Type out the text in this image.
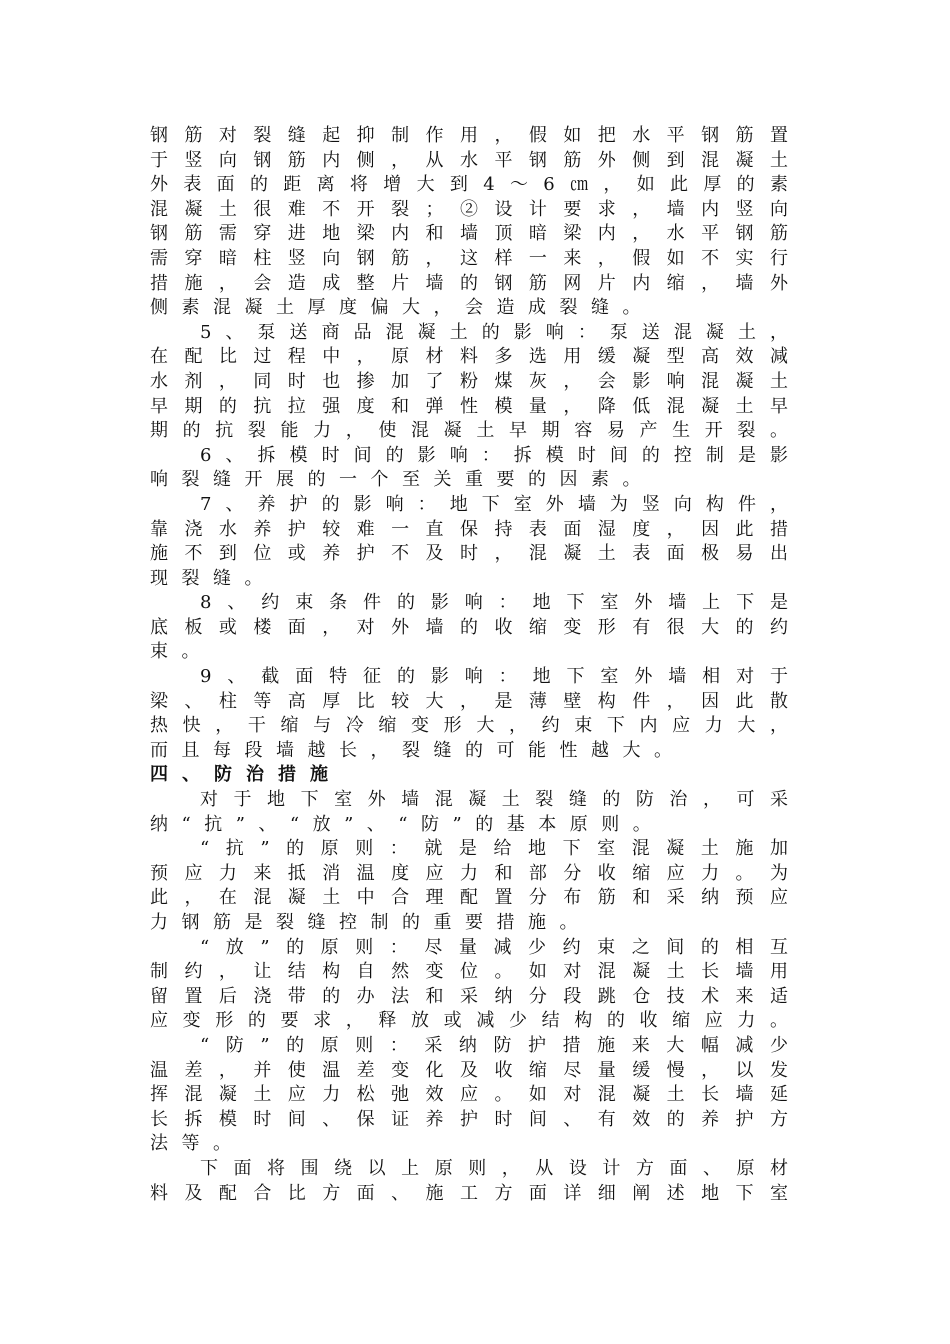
钢筋对裂缝起抑制作用，假如把水平钢筋置
于竖向钢筋内侧，从水平钢筋外侧到混凝土
外表面的距离将增大到4～6㎝，如此厚的素
混凝土很难不开裂；②设计要求，墙内竖向
钢筋需穿进地梁内和墙顶暗梁内，水平钢筋
需穿暗柱竖向钢筋，这样一来，假如不实行
措施，会造成整片墙的钢筋网片内缩，墙外
侧素混凝土厚度偏大，会造成裂缝。
5、泵送商品混凝土的影响：泵送混凝土，
在配比过程中，原材料多选用缓凝型高效减
水剂，同时也掺加了粉煤灰，会影响混凝土
早期的抗拉强度和弹性模量，降低混凝土早
期的抗裂能力，使混凝土早期容易产生开裂。
6、拆模时间的影响：拆模时间的控制是影
响裂缝开展的一个至关重要的因素。
7、养护的影响：地下室外墙为竖向构件，
靠浇水养护较难一直保持表面湿度，因此措
施不到位或养护不及时，混凝土表面极易出
现裂缝。
8、约束条件的影响：地下室外墙上下是
底板或楼面，对外墙的收缩变形有很大的约
束。
9、截面特征的影响：地下室外墙相对于
梁、柱等高厚比较大，是薄壁构件，因此散
热快，干缩与冷缩变形大，约束下内应力大，
而且每段墙越长，裂缝的可能性越大。
四、防治措施
对于地下室外墙混凝土裂缝的防治，可采
纳“抗”、“放”、“防”的基本原则。
“抗”的原则：就是给地下室混凝土施加
预应力来抵消温度应力和部分收缩应力。为
此，在混凝土中合理配置分布筋和采纳预应
力钢筋是裂缝控制的重要措施。
“放”的原则：尽量减少约束之间的相互
制约，让结构自然变位。如对混凝土长墙用
留置后浇带的办法和采纳分段跳仓技术来适
应变形的要求，释放或减少结构的收缩应力。
“防”的原则：采纳防护措施来大幅减少
温差，并使温差变化及收缩尽量缓慢，以发
挥混凝土应力松弛效应。如对混凝土长墙延
长拆模时间、保证养护时间、有效的养护方
法等。
下面将围绕以上原则，从设计方面、原材
料及配合比方面、施工方面详细阐述地下室
